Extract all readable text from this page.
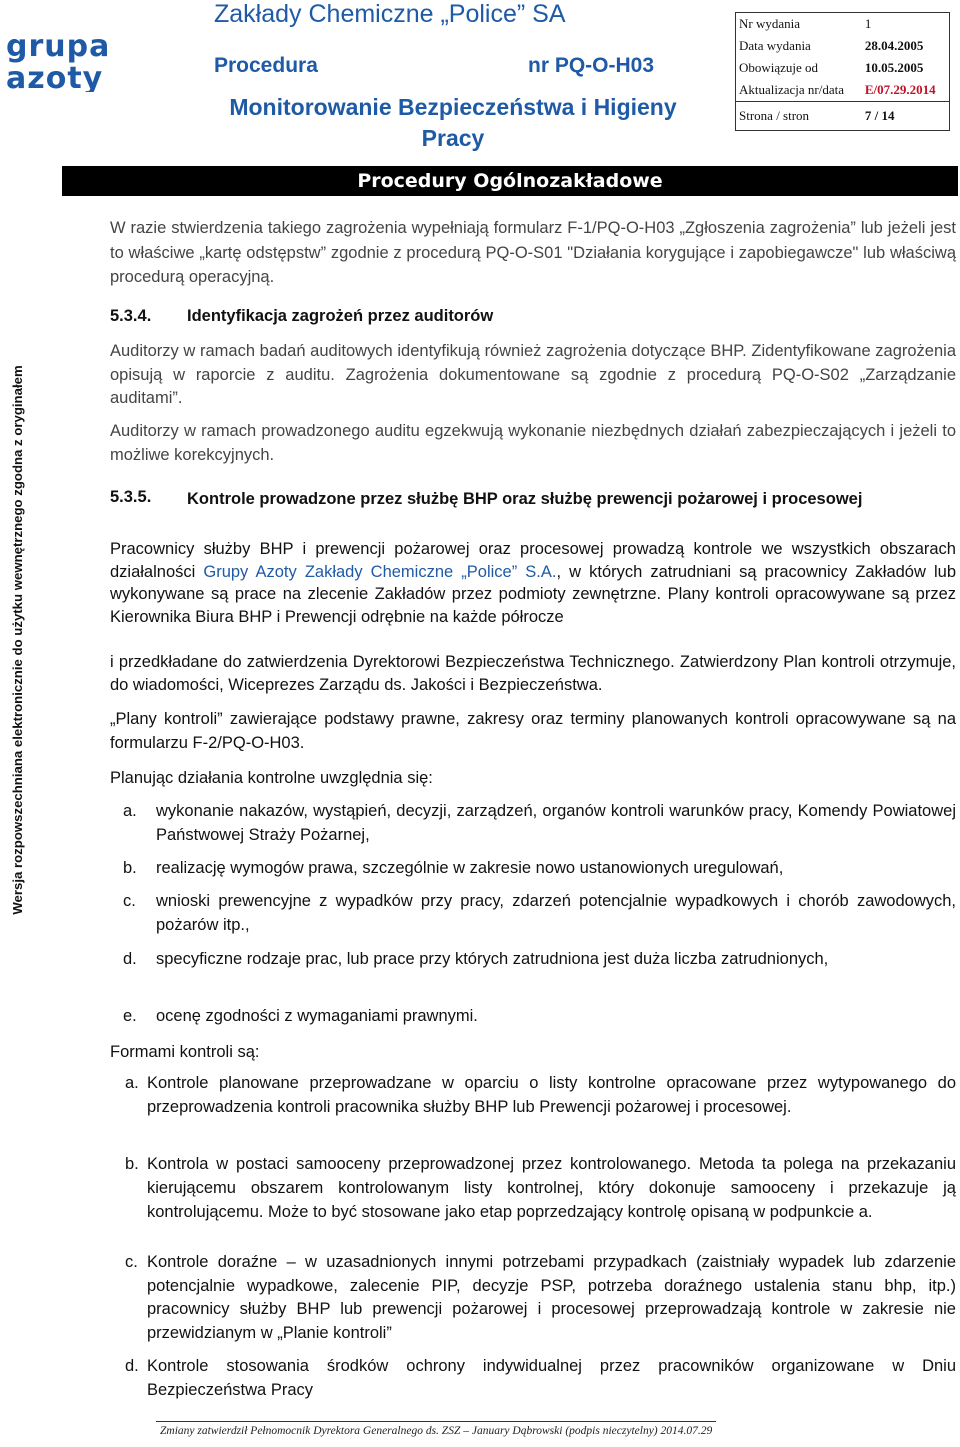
grupa
azoty
Zakłady Chemiczne „Police” SA
Procedura	nr PQ-O-H03
Monitorowanie Bezpieczeństwa i Higieny Pracy
Nr wydania	1
Data wydania	28.04.2005
Obowiązuje od	10.05.2005
Aktualizacja nr/data	E/07.29.2014
Strona / stron	7 / 14
Procedury Ogólnozakładowe
Wersja rozpowszechniana elektronicznie do użytku wewnętrznego zgodna z oryginałem
W razie stwierdzenia takiego zagrożenia wypełniają formularz F-1/PQ-O-H03 „Zgłoszenia zagrożenia” lub jeżeli jest to właściwe „kartę odstępstw” zgodnie z procedurą PQ-O-S01 "Działania korygujące i zapobiegawcze" lub właściwą procedurą operacyjną.
5.3.4. Identyfikacja zagrożeń przez auditorów
Auditorzy w ramach badań auditowych identyfikują również zagrożenia dotyczące BHP. Zidentyfikowane zagrożenia opisują w raporcie z auditu. Zagrożenia dokumentowane są zgodnie z procedurą PQ-O-S02 „Zarządzanie auditami”.
Auditorzy w ramach prowadzonego auditu egzekwują wykonanie niezbędnych działań zabezpieczających i jeżeli to możliwe korekcyjnych.
5.3.5. Kontrole prowadzone przez służbę BHP oraz służbę prewencji pożarowej i procesowej
Pracownicy służby BHP i prewencji pożarowej oraz procesowej prowadzą kontrole we wszystkich obszarach działalności Grupy Azoty Zakłady Chemiczne „Police” S.A., w których zatrudniani są pracownicy Zakładów lub wykonywane są prace na zlecenie Zakładów przez podmioty zewnętrzne. Plany kontroli opracowywane są przez Kierownika Biura BHP i Prewencji odrębnie na każde półrocze
i przedkładane do zatwierdzenia Dyrektorowi Bezpieczeństwa Technicznego. Zatwierdzony Plan kontroli otrzymuje, do wiadomości, Wiceprezes Zarządu ds. Jakości i Bezpieczeństwa.
„Plany kontroli” zawierające podstawy prawne, zakresy oraz terminy planowanych kontroli opracowywane są na formularzu F-2/PQ-O-H03.
Planując działania kontrolne uwzględnia się:
a. wykonanie nakazów, wystąpień, decyzji, zarządzeń, organów kontroli warunków pracy, Komendy Powiatowej Państwowej Straży Pożarnej,
b. realizację wymogów prawa, szczególnie w zakresie nowo ustanowionych uregulowań,
c. wnioski prewencyjne z wypadków przy pracy, zdarzeń potencjalnie wypadkowych i chorób zawodowych, pożarów itp.,
d. specyficzne rodzaje prac, lub prace przy których zatrudniona jest duża liczba zatrudnionych,
e. ocenę zgodności z wymaganiami prawnymi.
Formami kontroli są:
a. Kontrole planowane przeprowadzane w oparciu o listy kontrolne opracowane przez wytypowanego do przeprowadzenia kontroli pracownika służby BHP lub Prewencji pożarowej i procesowej.
b. Kontrola w postaci samooceny przeprowadzonej przez kontrolowanego. Metoda ta polega na przekazaniu kierującemu obszarem kontrolowanym listy kontrolnej, który dokonuje samooceny i przekazuje ją kontrolującemu. Może to być stosowane jako etap poprzedzający kontrolę opisaną w podpunkcie a.
c. Kontrole doraźne – w uzasadnionych innymi potrzebami przypadkach (zaistniały wypadek lub zdarzenie potencjalnie wypadkowe, zalecenie PIP, decyzje PSP, potrzeba doraźnego ustalenia stanu bhp, itp.) pracownicy służby BHP lub prewencji pożarowej i procesowej przeprowadzają kontrole w zakresie nie przewidzianym w „Planie kontroli”
d. Kontrole stosowania środków ochrony indywidualnej przez pracowników organizowane w Dniu Bezpieczeństwa Pracy
Zmiany zatwierdził Pełnomocnik Dyrektora Generalnego ds. ZSZ – January Dąbrowski (podpis nieczytelny) 2014.07.29
